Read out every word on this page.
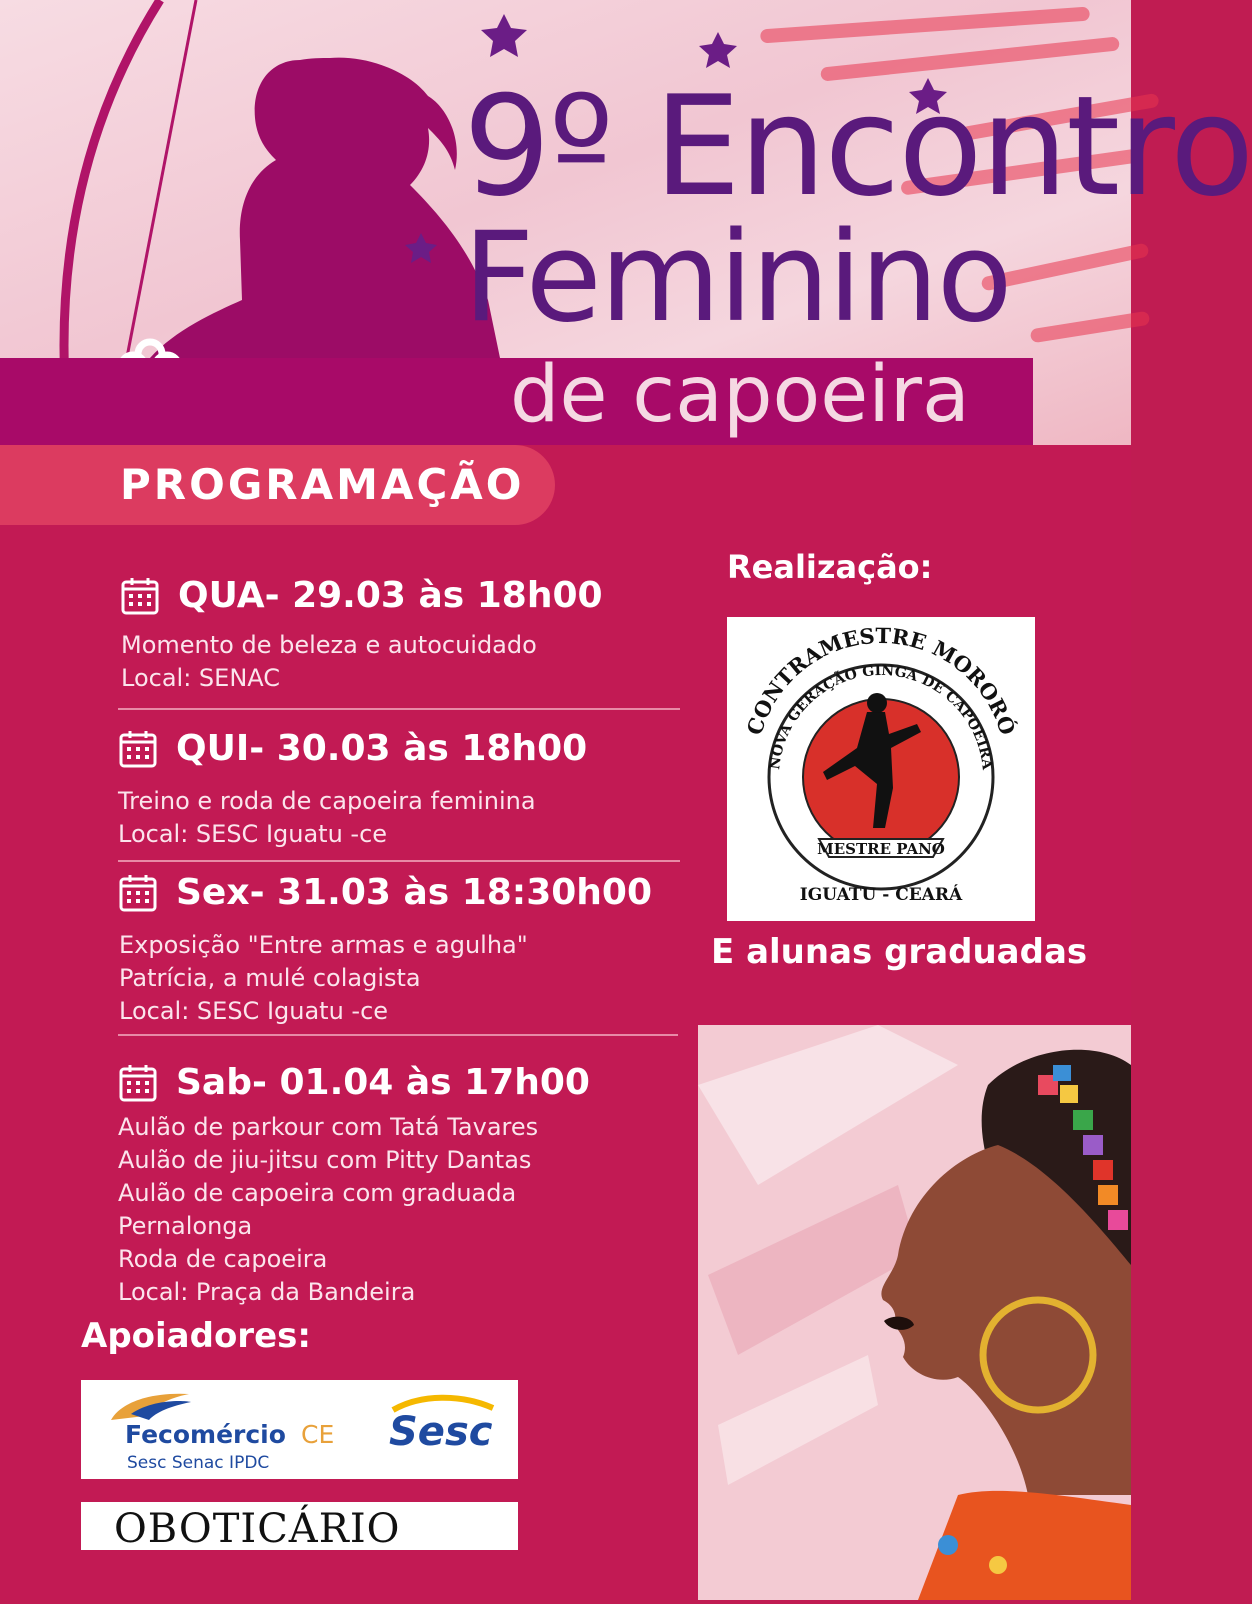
9º Encontro
Feminino
de capoeira
PROGRAMAÇÃO
QUA- 29.03 às 18h00
Momento de beleza e autocuidado
Local: SENAC
QUI- 30.03 às 18h00
Treino e roda de capoeira feminina
Local: SESC Iguatu -ce
Sex- 31.03 às 18:30h00
Exposição "Entre armas e agulha"
Patrícia, a mulé colagista
Local: SESC Iguatu -ce
Sab- 01.04 às 17h00
Aulão de parkour com Tatá Tavares
Aulão de jiu-jitsu com Pitty Dantas
Aulão de capoeira com graduada
Pernalonga
Roda de capoeira
Local: Praça da Bandeira
Realização:
CONTRAMESTRE MORORÓ
NOVA GERAÇÃO GINGA DE CAPOEIRA
MESTRE PANO
IGUATU - CEARÁ
E alunas graduadas
Apoiadores:
Fecomércio CE
Sesc Senac IPDC
Sesc
OBOTICÁRIO
